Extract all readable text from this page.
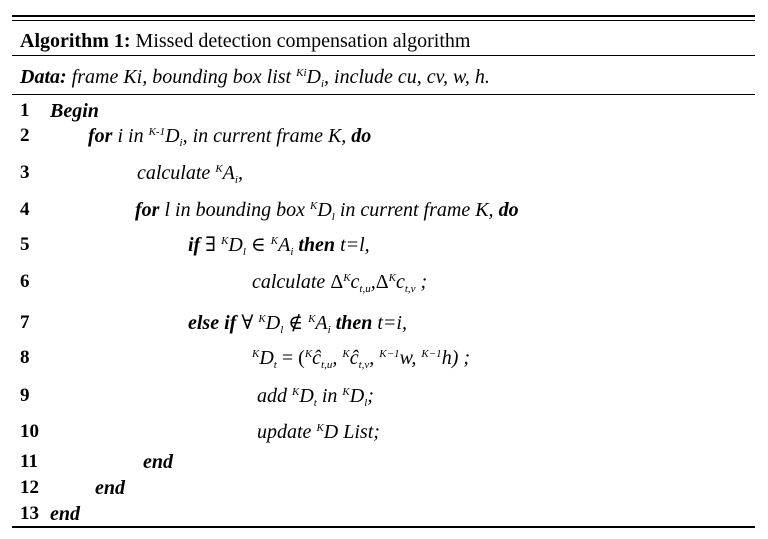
Algorithm 1: Missed detection compensation algorithm
Data: frame Ki, bounding box list $^{Ki}D_i$, include cu, cv, w, h.
1
2
3
4
5
6
7
8
9
10
11
12
13
Begin
for i in $^{K-1}D_i$, in current frame K, do
calculate $^KA_i$,
for l in bounding box $^KD_l$ in current frame K, do
if ∃ $^KD_l$ ∈ $^KA_i$ then t=l,
calculate $\Delta^Kc_{t,u},\Delta^Kc_{t,v}$ ;
else if ∀ $^KD_l$ ∉ $^KA_i$ then t=i,
$^KD_t$ = ($^Kĉ_{t,u}$, $^Kĉ_{t,v}$, $^{K-1}$w, $^{K-1}$h) ;
add $^KD_t$ in $^KD_l$;
update $^K$D List;
end
end
end
